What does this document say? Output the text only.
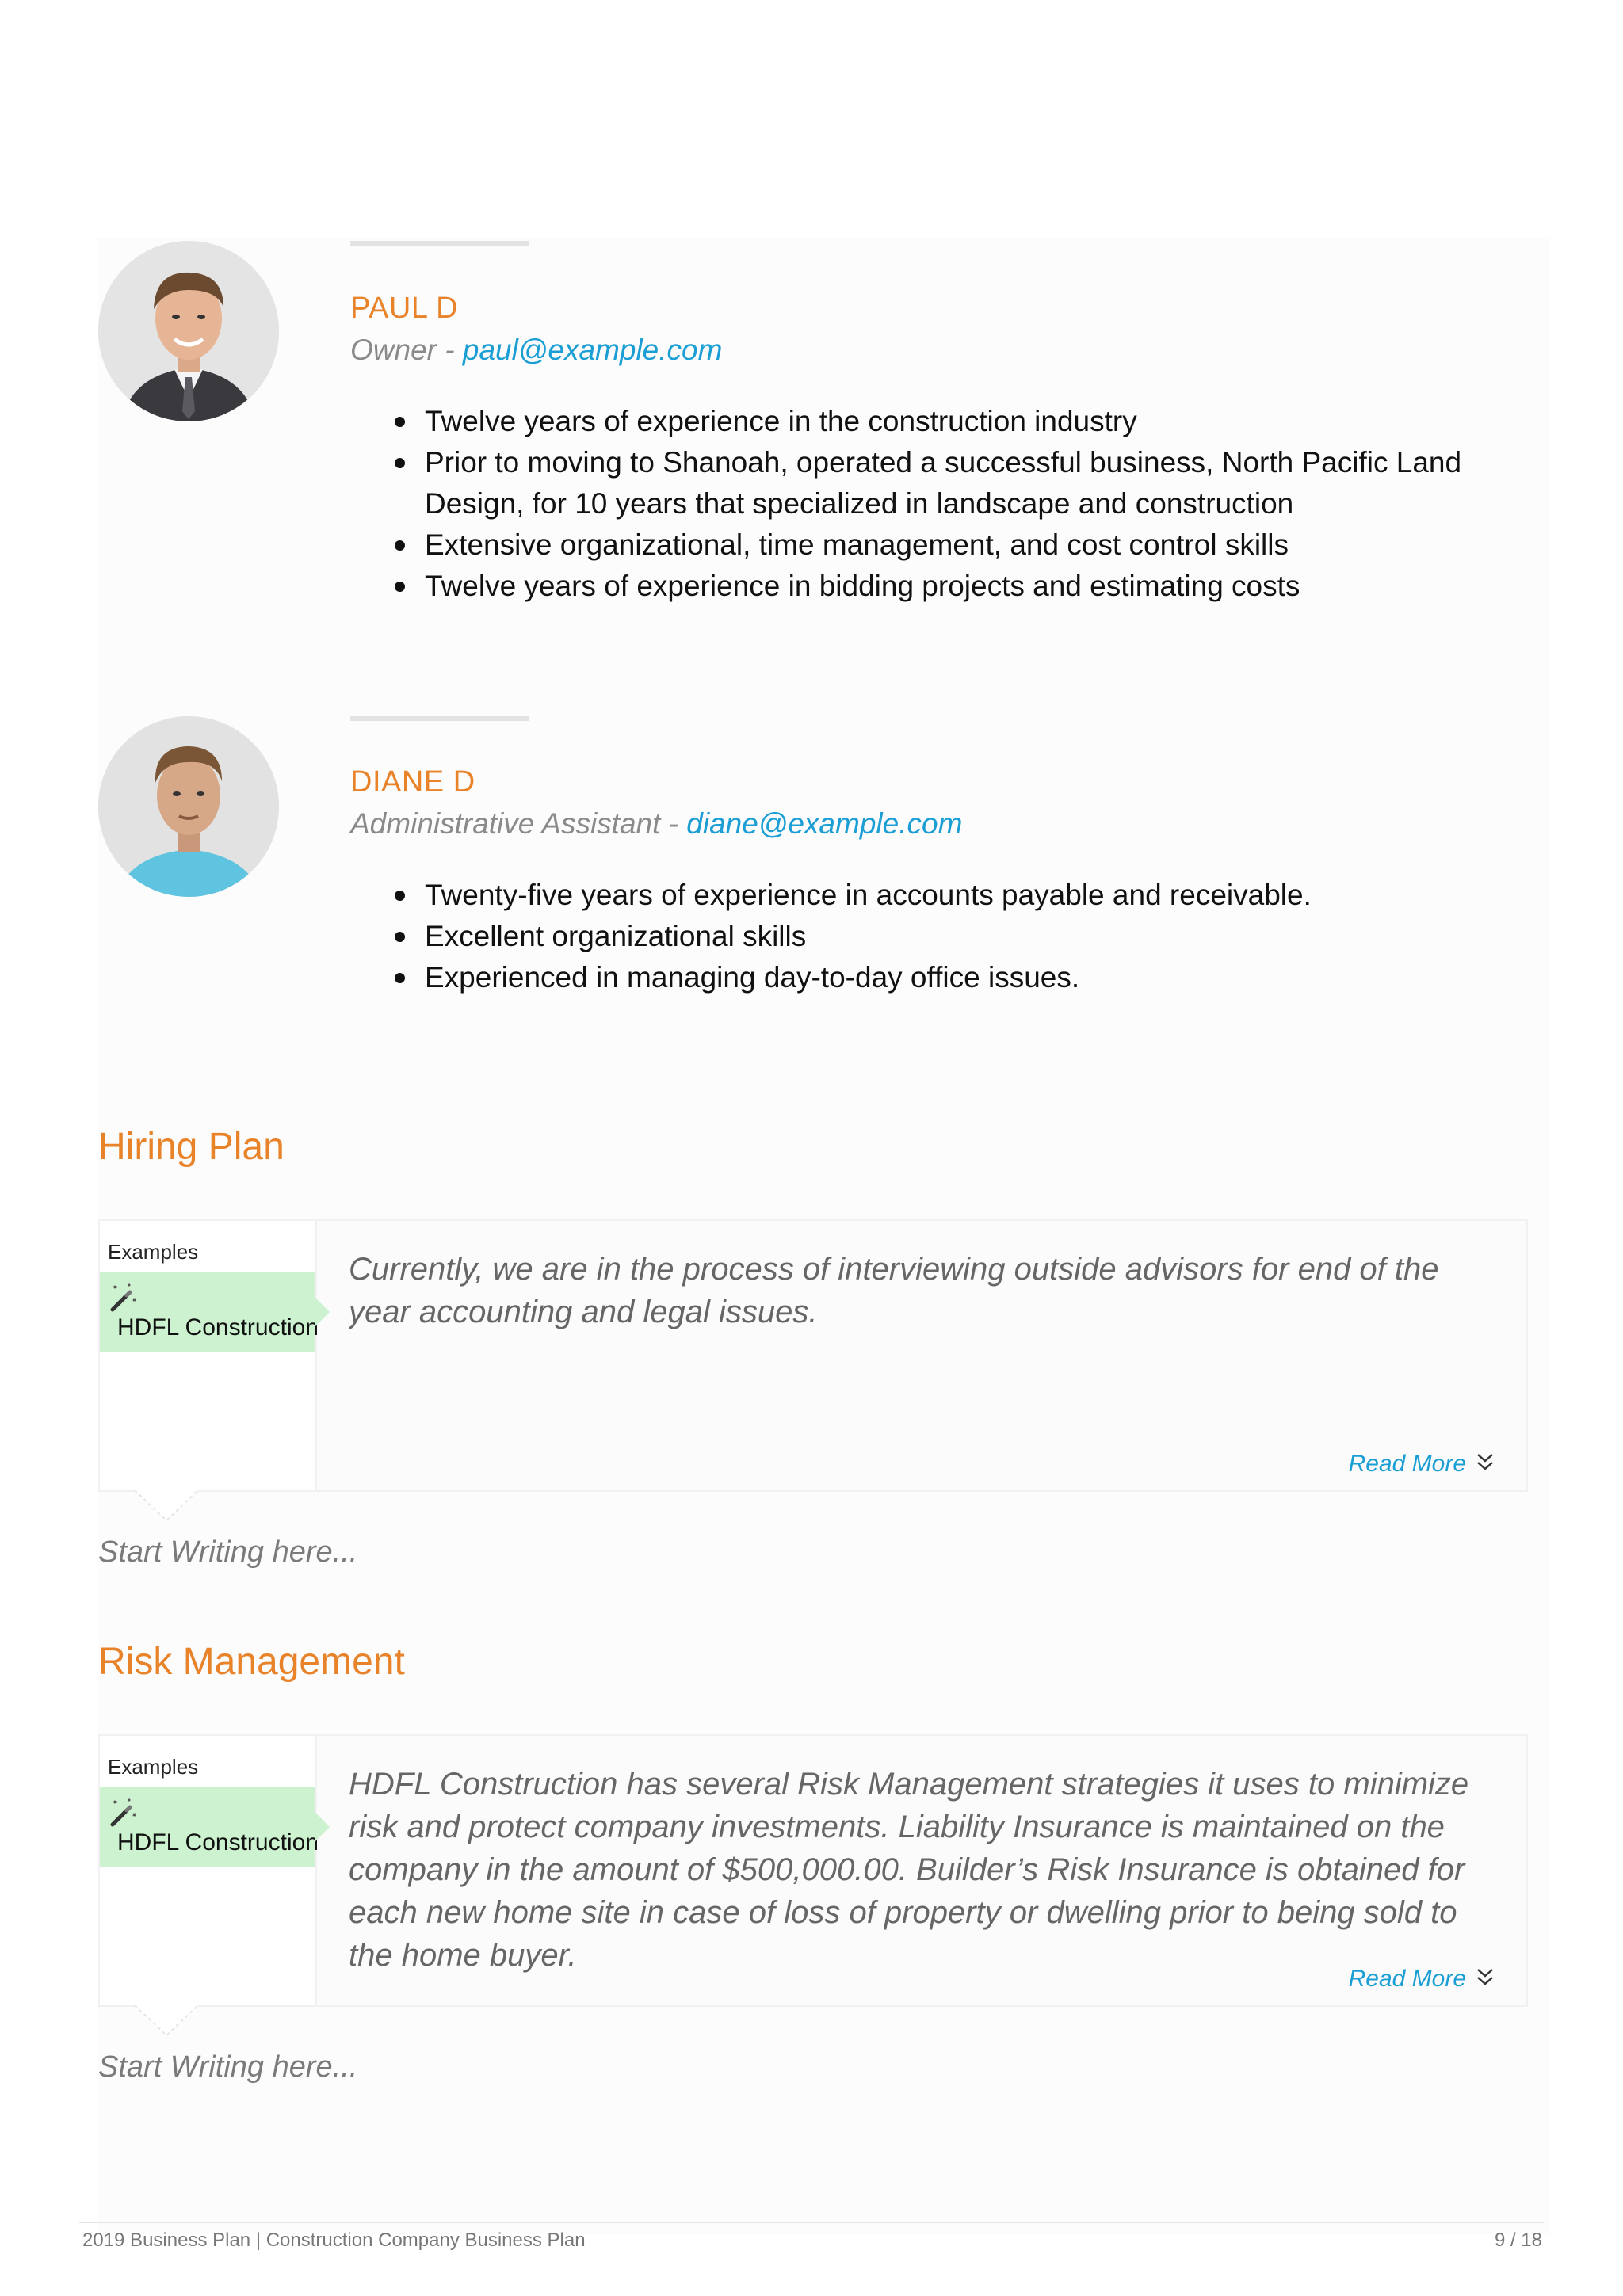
PAUL D
Owner - paul@example.com
Twelve years of experience in the construction industry
Prior to moving to Shanoah, operated a successful business, North Pacific Land Design, for 10 years that specialized in landscape and construction
Extensive organizational, time management, and cost control skills
Twelve years of experience in bidding projects and estimating costs
DIANE D
Administrative Assistant - diane@example.com
Twenty-five years of experience in accounts payable and receivable.
Excellent organizational skills
Experienced in managing day-to-day office issues.
Hiring Plan
Examples
HDFL Construction
Currently, we are in the process of interviewing outside advisors for end of the year accounting and legal issues.
Read More
Start Writing here...
Risk Management
Examples
HDFL Construction
HDFL Construction has several Risk Management strategies it uses to minimize risk and protect company investments. Liability Insurance is maintained on the company in the amount of $500,000.00. Builder’s Risk Insurance is obtained for each new home site in case of loss of property or dwelling prior to being sold to the home buyer.
Read More
Start Writing here...
2019 Business Plan | Construction Company Business Plan	9 / 18
